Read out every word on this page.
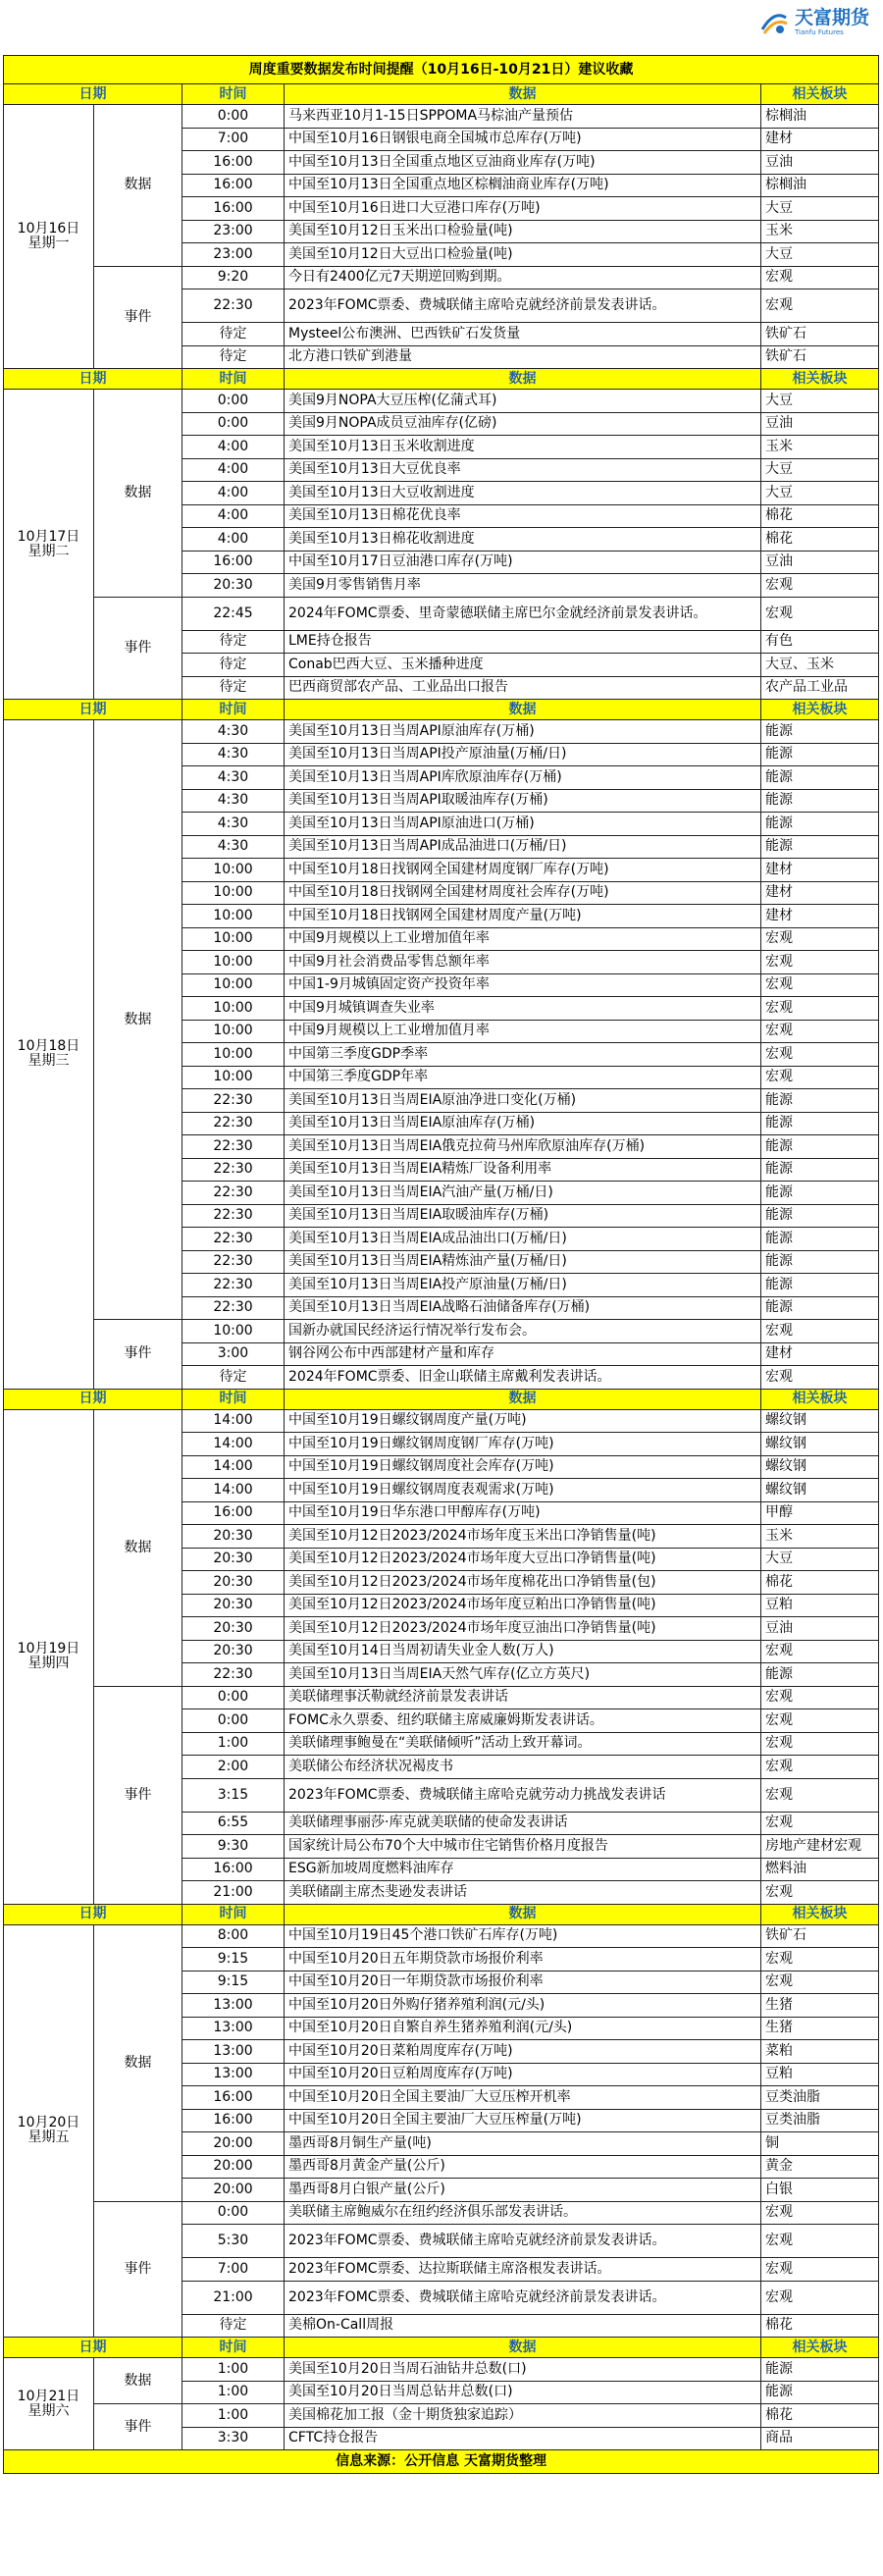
天富期货
Tianfu Futures
周度重要数据发布时间提醒（10月16日-10月21日）建议收藏				
日期		时间	数据	相关板块
10月16日
星期一	数据	0:00	马来西亚10月1-15日SPPOMA马棕油产量预估	棕榈油
		7:00	中国至10月16日钢银电商全国城市总库存(万吨)	建材
		16:00	中国至10月13日全国重点地区豆油商业库存(万吨)	豆油
		16:00	中国至10月13日全国重点地区棕榈油商业库存(万吨)	棕榈油
		16:00	中国至10月16日进口大豆港口库存(万吨)	大豆
		23:00	美国至10月12日玉米出口检验量(吨)	玉米
		23:00	美国至10月12日大豆出口检验量(吨)	大豆
	事件	9:20	今日有2400亿元7天期逆回购到期。	宏观
		22:30	2023年FOMC票委、费城联储主席哈克就经济前景发表讲话。	宏观
		待定	Mysteel公布澳洲、巴西铁矿石发货量	铁矿石
		待定	北方港口铁矿到港量	铁矿石
日期		时间	数据	相关板块
10月17日
星期二	数据	0:00	美国9月NOPA大豆压榨(亿蒲式耳)	大豆
		0:00	美国9月NOPA成员豆油库存(亿磅)	豆油
		4:00	美国至10月13日玉米收割进度	玉米
		4:00	美国至10月13日大豆优良率	大豆
		4:00	美国至10月13日大豆收割进度	大豆
		4:00	美国至10月13日棉花优良率	棉花
		4:00	美国至10月13日棉花收割进度	棉花
		16:00	中国至10月17日豆油港口库存(万吨)	豆油
		20:30	美国9月零售销售月率	宏观
	事件	22:45	2024年FOMC票委、里奇蒙德联储主席巴尔金就经济前景发表讲话。	宏观
		待定	LME持仓报告	有色
		待定	Conab巴西大豆、玉米播种进度	大豆、玉米
		待定	巴西商贸部农产品、工业品出口报告	农产品工业品
日期		时间	数据	相关板块
10月18日
星期三	数据	4:30	美国至10月13日当周API原油库存(万桶)	能源
		4:30	美国至10月13日当周API投产原油量(万桶/日)	能源
		4:30	美国至10月13日当周API库欣原油库存(万桶)	能源
		4:30	美国至10月13日当周API取暖油库存(万桶)	能源
		4:30	美国至10月13日当周API原油进口(万桶)	能源
		4:30	美国至10月13日当周API成品油进口(万桶/日)	能源
		10:00	中国至10月18日找钢网全国建材周度钢厂库存(万吨)	建材
		10:00	中国至10月18日找钢网全国建材周度社会库存(万吨)	建材
		10:00	中国至10月18日找钢网全国建材周度产量(万吨)	建材
		10:00	中国9月规模以上工业增加值年率	宏观
		10:00	中国9月社会消费品零售总额年率	宏观
		10:00	中国1-9月城镇固定资产投资年率	宏观
		10:00	中国9月城镇调查失业率	宏观
		10:00	中国9月规模以上工业增加值月率	宏观
		10:00	中国第三季度GDP季率	宏观
		10:00	中国第三季度GDP年率	宏观
		22:30	美国至10月13日当周EIA原油净进口变化(万桶)	能源
		22:30	美国至10月13日当周EIA原油库存(万桶)	能源
		22:30	美国至10月13日当周EIA俄克拉荷马州库欣原油库存(万桶)	能源
		22:30	美国至10月13日当周EIA精炼厂设备利用率	能源
		22:30	美国至10月13日当周EIA汽油产量(万桶/日)	能源
		22:30	美国至10月13日当周EIA取暖油库存(万桶)	能源
		22:30	美国至10月13日当周EIA成品油出口(万桶/日)	能源
		22:30	美国至10月13日当周EIA精炼油产量(万桶/日)	能源
		22:30	美国至10月13日当周EIA投产原油量(万桶/日)	能源
		22:30	美国至10月13日当周EIA战略石油储备库存(万桶)	能源
	事件	10:00	国新办就国民经济运行情况举行发布会。	宏观
		3:00	钢谷网公布中西部建材产量和库存	建材
		待定	2024年FOMC票委、旧金山联储主席戴利发表讲话。	宏观
日期		时间	数据	相关板块
10月19日
星期四	数据	14:00	中国至10月19日螺纹钢周度产量(万吨)	螺纹钢
		14:00	中国至10月19日螺纹钢周度钢厂库存(万吨)	螺纹钢
		14:00	中国至10月19日螺纹钢周度社会库存(万吨)	螺纹钢
		14:00	中国至10月19日螺纹钢周度表观需求(万吨)	螺纹钢
		16:00	中国至10月19日华东港口甲醇库存(万吨)	甲醇
		20:30	美国至10月12日2023/2024市场年度玉米出口净销售量(吨)	玉米
		20:30	美国至10月12日2023/2024市场年度大豆出口净销售量(吨)	大豆
		20:30	美国至10月12日2023/2024市场年度棉花出口净销售量(包)	棉花
		20:30	美国至10月12日2023/2024市场年度豆粕出口净销售量(吨)	豆粕
		20:30	美国至10月12日2023/2024市场年度豆油出口净销售量(吨)	豆油
		20:30	美国至10月14日当周初请失业金人数(万人)	宏观
		22:30	美国至10月13日当周EIA天然气库存(亿立方英尺)	能源
	事件	0:00	美联储理事沃勒就经济前景发表讲话	宏观
		0:00	FOMC永久票委、纽约联储主席威廉姆斯发表讲话。	宏观
		1:00	美联储理事鲍曼在“美联储倾听”活动上致开幕词。	宏观
		2:00	美联储公布经济状况褐皮书	宏观
		3:15	2023年FOMC票委、费城联储主席哈克就劳动力挑战发表讲话	宏观
		6:55	美联储理事丽莎·库克就美联储的使命发表讲话	宏观
		9:30	国家统计局公布70个大中城市住宅销售价格月度报告	房地产建材宏观
		16:00	ESG新加坡周度燃料油库存	燃料油
		21:00	美联储副主席杰斐逊发表讲话	宏观
日期		时间	数据	相关板块
10月20日
星期五	数据	8:00	中国至10月19日45个港口铁矿石库存(万吨)	铁矿石
		9:15	中国至10月20日五年期贷款市场报价利率	宏观
		9:15	中国至10月20日一年期贷款市场报价利率	宏观
		13:00	中国至10月20日外购仔猪养殖利润(元/头)	生猪
		13:00	中国至10月20日自繁自养生猪养殖利润(元/头)	生猪
		13:00	中国至10月20日菜粕周度库存(万吨)	菜粕
		13:00	中国至10月20日豆粕周度库存(万吨)	豆粕
		16:00	中国至10月20日全国主要油厂大豆压榨开机率	豆类油脂
		16:00	中国至10月20日全国主要油厂大豆压榨量(万吨)	豆类油脂
		20:00	墨西哥8月铜生产量(吨)	铜
		20:00	墨西哥8月黄金产量(公斤)	黄金
		20:00	墨西哥8月白银产量(公斤)	白银
	事件	0:00	美联储主席鲍威尔在纽约经济俱乐部发表讲话。	宏观
		5:30	2023年FOMC票委、费城联储主席哈克就经济前景发表讲话。	宏观
		7:00	2023年FOMC票委、达拉斯联储主席洛根发表讲话。	宏观
		21:00	2023年FOMC票委、费城联储主席哈克就经济前景发表讲话。	宏观
		待定	美棉On-Call周报	棉花
日期		时间	数据	相关板块
10月21日
星期六	数据	1:00	美国至10月20日当周石油钻井总数(口)	能源
		1:00	美国至10月20日当周总钻井总数(口)	能源
	事件	1:00	美国棉花加工报（金十期货独家追踪）	棉花
		3:30	CFTC持仓报告	商品
信息来源：公开信息 天富期货整理				
